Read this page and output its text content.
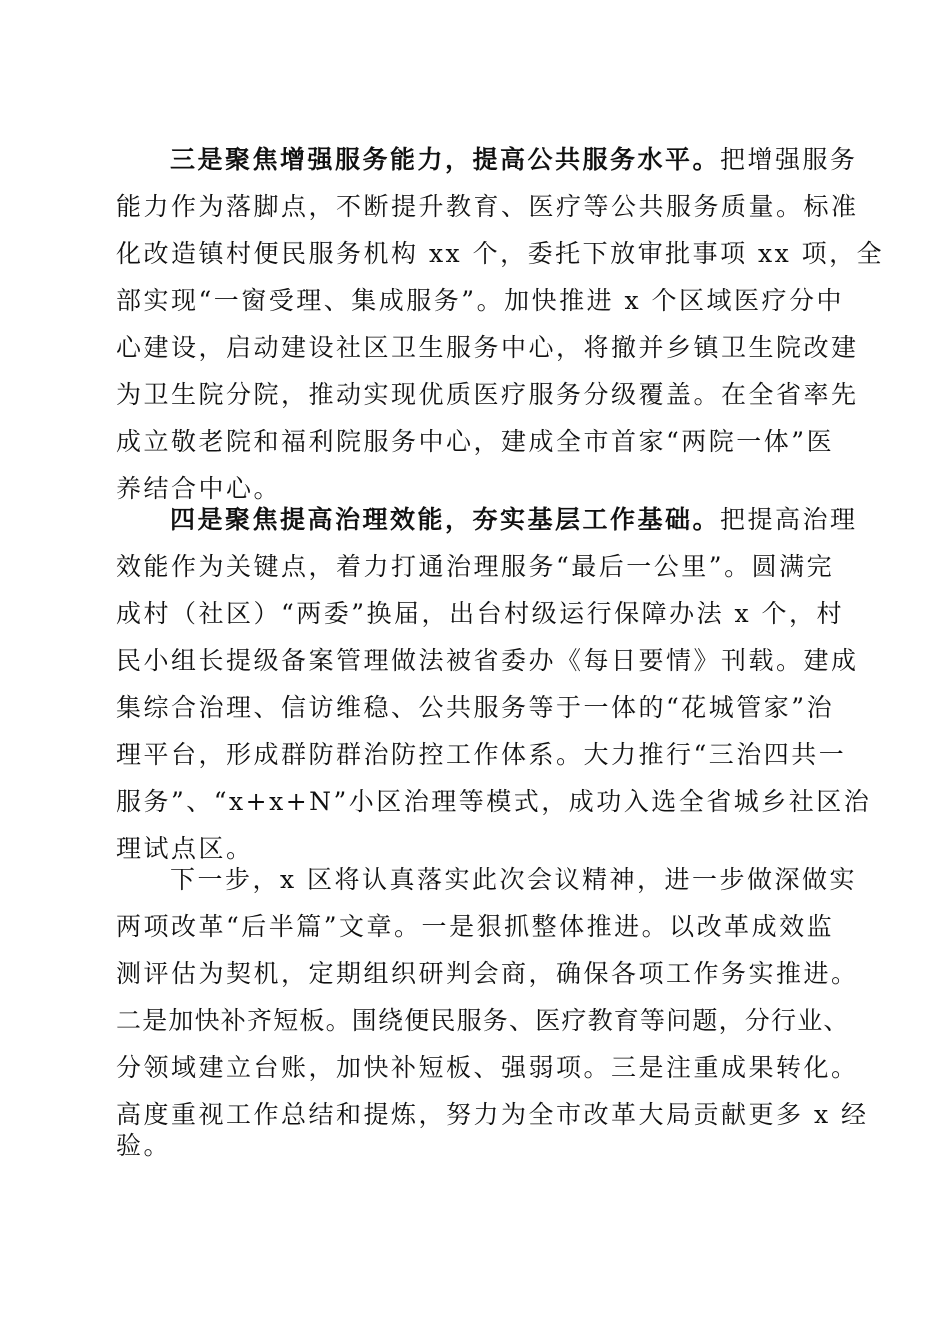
三是聚焦增强服务能力，提高公共服务水平。把增强服务

能力作为落脚点，不断提升教育、医疗等公共服务质量。标准

化改造镇村便民服务机构 xx 个，委托下放审批事项 xx 项，全

部实现“一窗受理、集成服务”。加快推进 x 个区域医疗分中

心建设，启动建设社区卫生服务中心，将撤并乡镇卫生院改建

为卫生院分院，推动实现优质医疗服务分级覆盖。在全省率先

成立敬老院和福利院服务中心，建成全市首家“两院一体”医

养结合中心。

四是聚焦提高治理效能，夯实基层工作基础。把提高治理

效能作为关键点，着力打通治理服务“最后一公里”。圆满完

成村（社区）“两委”换届，出台村级运行保障办法 x 个，村

民小组长提级备案管理做法被省委办《每日要情》刊载。建成

集综合治理、信访维稳、公共服务等于一体的“花城管家”治

理平台，形成群防群治防控工作体系。大力推行“三治四共一

服务”、“x+x+N”小区治理等模式，成功入选全省城乡社区治

理试点区。

下一步，x 区将认真落实此次会议精神，进一步做深做实

两项改革“后半篇”文章。一是狠抓整体推进。以改革成效监

测评估为契机，定期组织研判会商，确保各项工作务实推进。

二是加快补齐短板。围绕便民服务、医疗教育等问题，分行业、

分领域建立台账，加快补短板、强弱项。三是注重成果转化。

高度重视工作总结和提炼，努力为全市改革大局贡献更多 x 经

验。
